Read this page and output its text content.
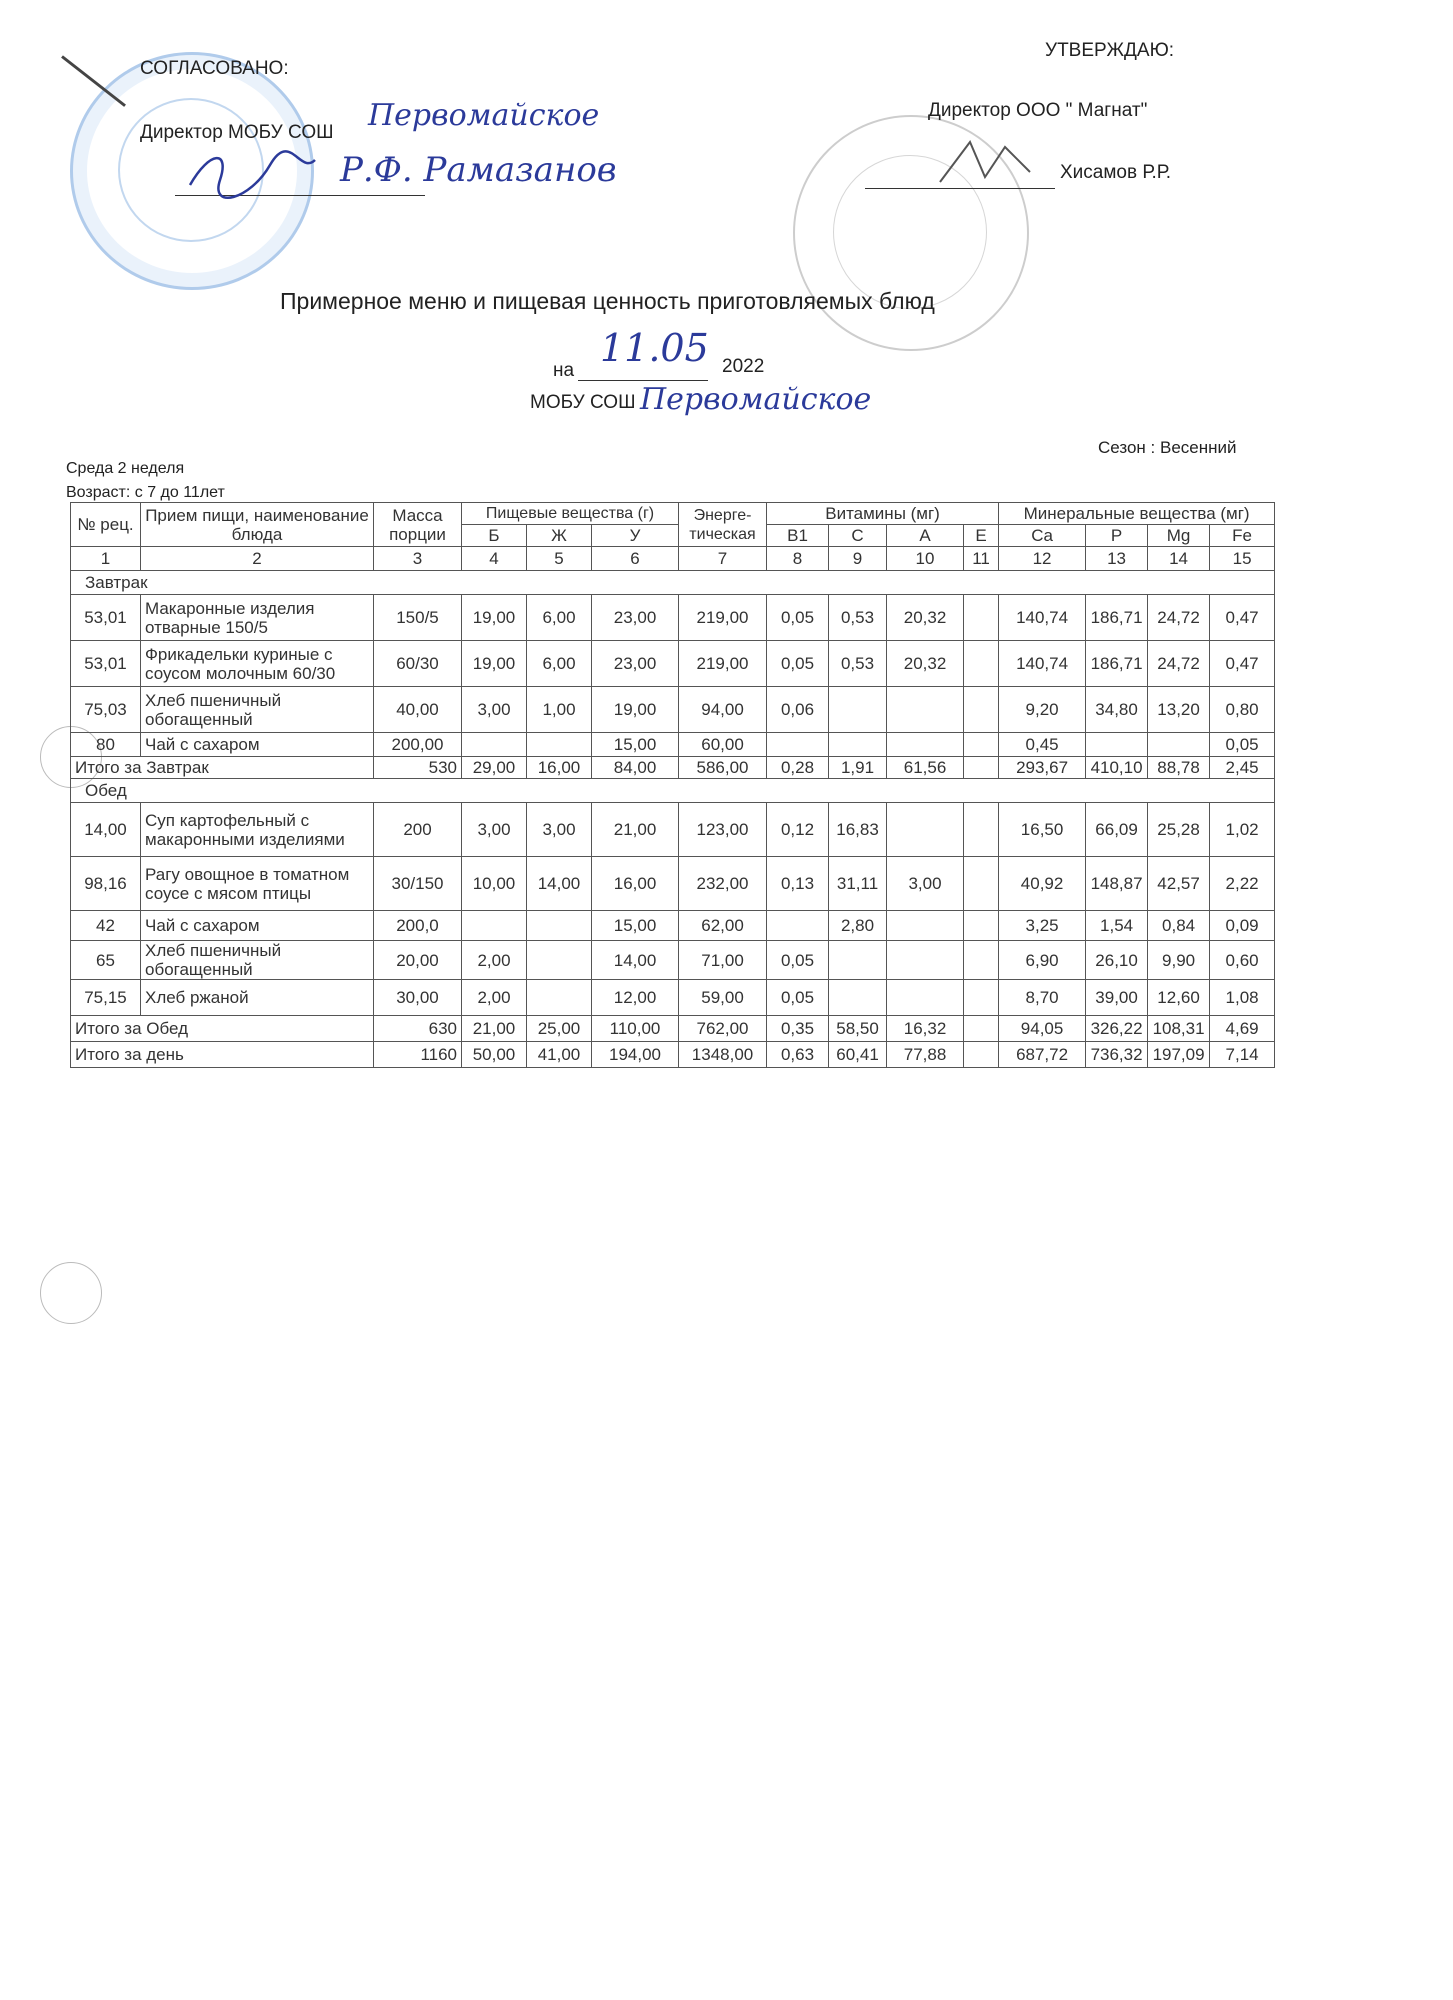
СОГЛАСОВАНО:
Директор МОБУ СОШ Первомайское
Р.Ф. Рамазанов
УТВЕРЖДАЮ:
Директор ООО " Магнат"
Хисамов Р.Р.
Примерное меню и пищевая ценность приготовляемых блюд
на
11.05 2022
МОБУ СОШ Первомайское
Среда 2 неделя
Возраст: с 7 до 11лет
Сезон : Весенний
№ рец.	Прием пищи, наименование блюда	Масса порции	Пищевые вещества (г)			Энерге-тическая	Витамины (мг)				Минеральные вещества (мг)			
			Б	Ж	У		B1	C	A	E	Ca	P	Mg	Fe
1	2	3	4	5	6	7	8	9	10	11	12	13	14	15
Завтрак														
53,01	Макаронные изделия отварные 150/5	150/5	19,00	6,00	23,00	219,00	0,05	0,53	20,32		140,74	186,71	24,72	0,47
53,01	Фрикадельки куриные с соусом молочным 60/30	60/30	19,00	6,00	23,00	219,00	0,05	0,53	20,32		140,74	186,71	24,72	0,47
75,03	Хлеб пшеничный обогащенный	40,00	3,00	1,00	19,00	94,00	0,06				9,20	34,80	13,20	0,80
80	Чай с сахаром	200,00			15,00	60,00					0,45			0,05
Итого за Завтрак		530	29,00	16,00	84,00	586,00	0,28	1,91	61,56		293,67	410,10	88,78	2,45
Обед														
14,00	Суп картофельный с макаронными изделиями	200	3,00	3,00	21,00	123,00	0,12	16,83			16,50	66,09	25,28	1,02
98,16	Рагу овощное в томатном соусе с мясом птицы	30/150	10,00	14,00	16,00	232,00	0,13	31,11	3,00		40,92	148,87	42,57	2,22
42	Чай с сахаром	200,0			15,00	62,00		2,80			3,25	1,54	0,84	0,09
65	Хлеб пшеничный обогащенный	20,00	2,00		14,00	71,00	0,05				6,90	26,10	9,90	0,60
75,15	Хлеб ржаной	30,00	2,00		12,00	59,00	0,05				8,70	39,00	12,60	1,08
Итого за Обед		630	21,00	25,00	110,00	762,00	0,35	58,50	16,32		94,05	326,22	108,31	4,69
Итого за день		1160	50,00	41,00	194,00	1348,00	0,63	60,41	77,88		687,72	736,32	197,09	7,14
